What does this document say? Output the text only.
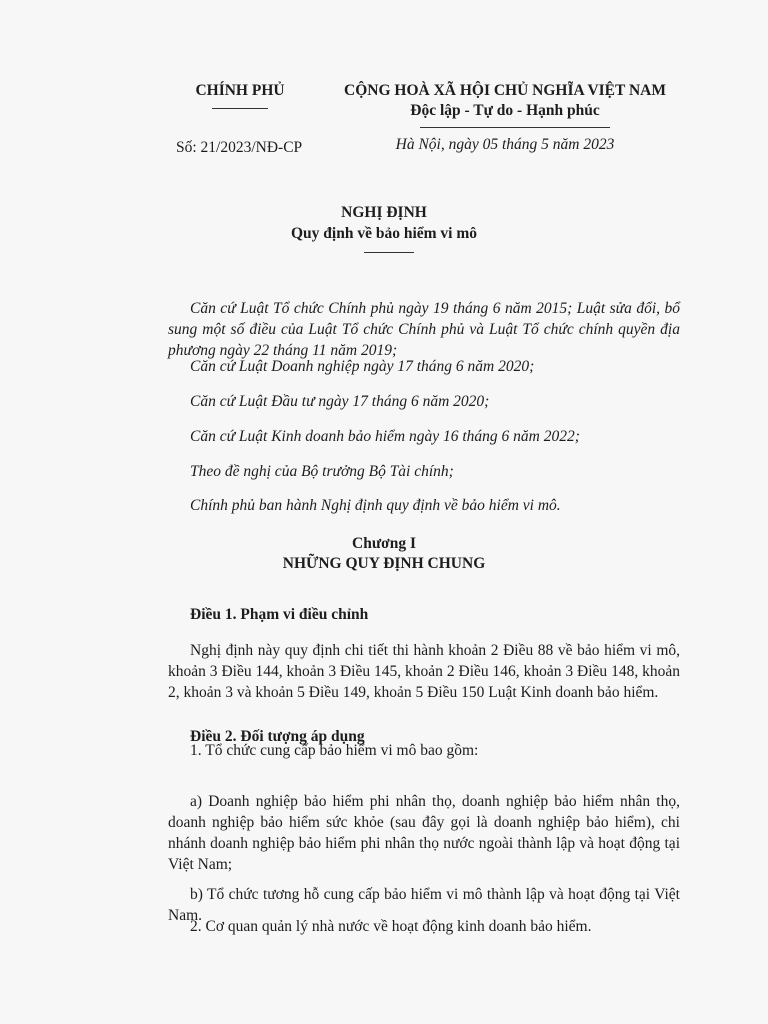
CHÍNH PHỦ	CỘNG HOÀ XÃ HỘI CHỦ NGHĨA VIỆT NAM

Độc lập - Tự do - Hạnh phúc

Số: 21/2023/NĐ-CP	Hà Nội, ngày 05 tháng 5 năm 2023

NGHỊ ĐỊNH

Quy định về bảo hiểm vi mô

Căn cứ Luật Tổ chức Chính phủ ngày 19 tháng 6 năm 2015; Luật sửa đổi, bổ sung một số điều của Luật Tổ chức Chính phủ và Luật Tổ chức chính quyền địa phương ngày 22 tháng 11 năm 2019;

Căn cứ Luật Doanh nghiệp ngày 17 tháng 6 năm 2020;

Căn cứ Luật Đầu tư ngày 17 tháng 6 năm 2020;

Căn cứ Luật Kinh doanh bảo hiểm ngày 16 tháng 6 năm 2022;

Theo đề nghị của Bộ trưởng Bộ Tài chính;

Chính phủ ban hành Nghị định quy định về bảo hiểm vi mô.

Chương I

NHỮNG QUY ĐỊNH CHUNG

Điều 1. Phạm vi điều chỉnh

Nghị định này quy định chi tiết thi hành khoản 2 Điều 88 về bảo hiểm vi mô, khoản 3 Điều 144, khoản 3 Điều 145, khoản 2 Điều 146, khoản 3 Điều 148, khoản 2, khoản 3 và khoản 5 Điều 149, khoản 5 Điều 150 Luật Kinh doanh bảo hiểm.

Điều 2. Đối tượng áp dụng

1. Tổ chức cung cấp bảo hiểm vi mô bao gồm:

a) Doanh nghiệp bảo hiểm phi nhân thọ, doanh nghiệp bảo hiểm nhân thọ, doanh nghiệp bảo hiểm sức khỏe (sau đây gọi là doanh nghiệp bảo hiểm), chi nhánh doanh nghiệp bảo hiểm phi nhân thọ nước ngoài thành lập và hoạt động tại Việt Nam;

b) Tổ chức tương hỗ cung cấp bảo hiểm vi mô thành lập và hoạt động tại Việt Nam.

2. Cơ quan quản lý nhà nước về hoạt động kinh doanh bảo hiểm.
